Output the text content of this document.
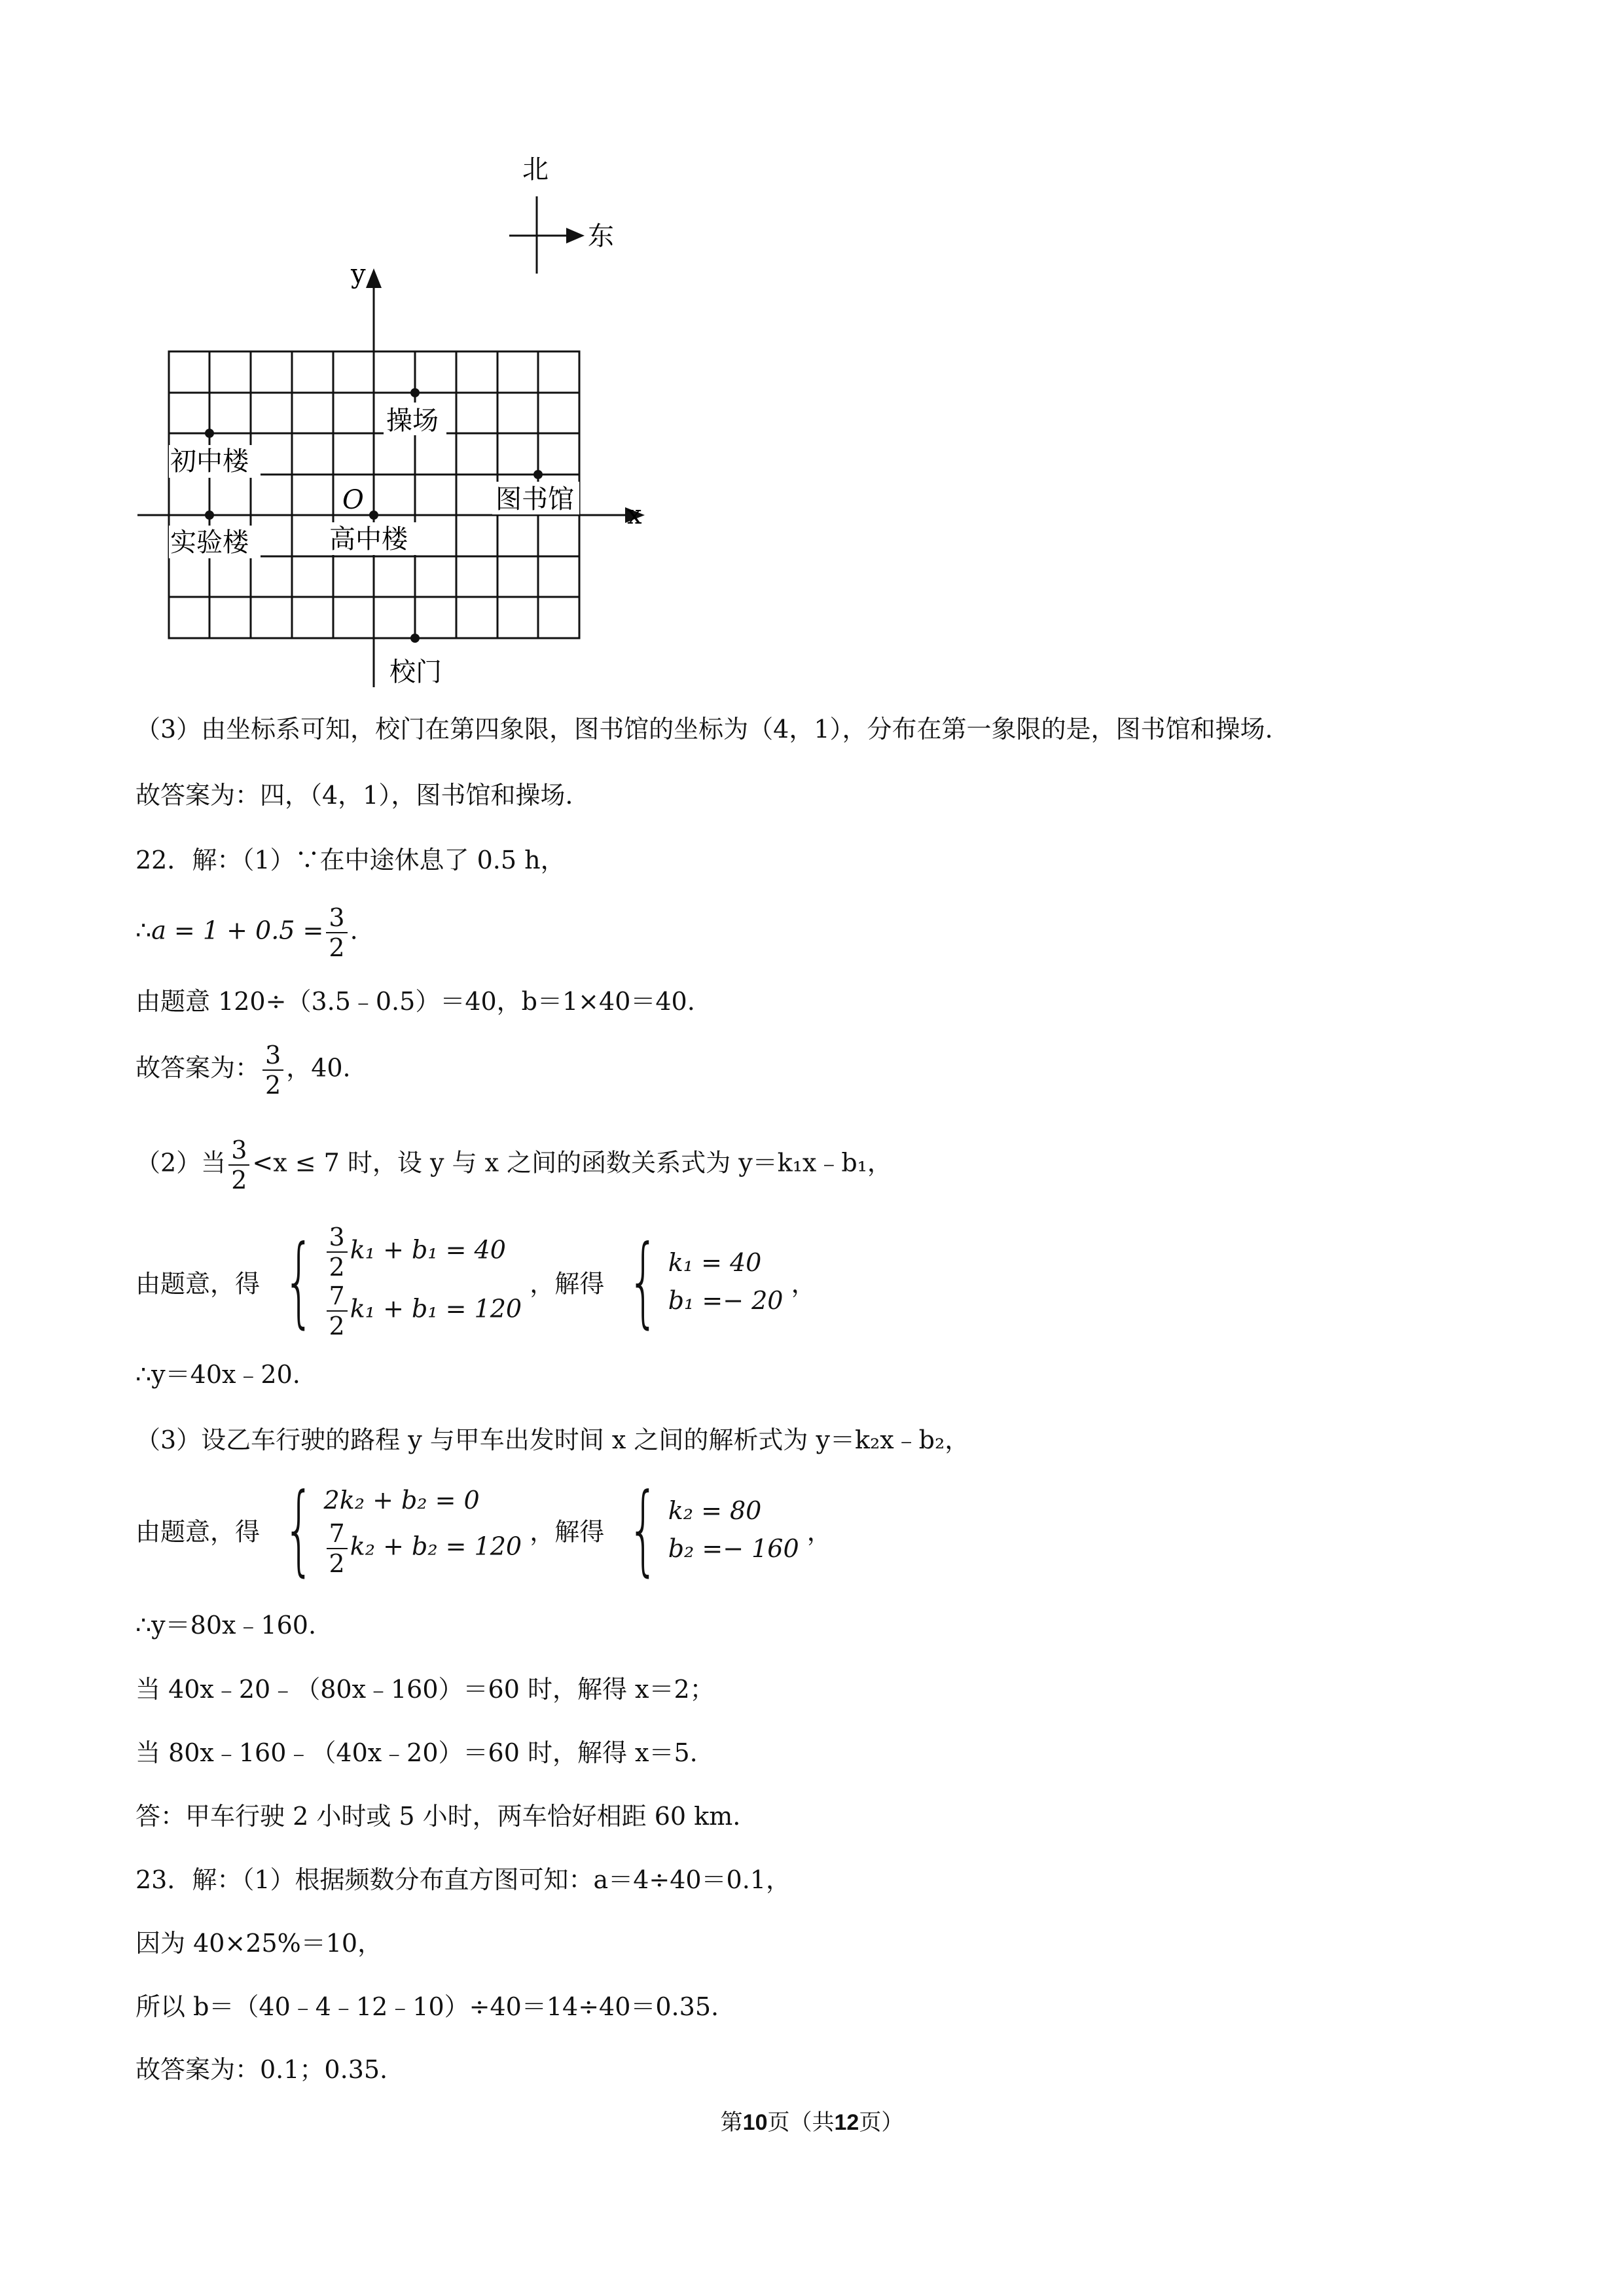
x
y
O
北
东
操场
初中楼
图书馆
实验楼	高中楼
校门
（3）由坐标系可知，校门在第四象限，图书馆的坐标为（4，1），分布在第一象限的是，图书馆和操场.
故答案为：四，（4，1），图书馆和操场.
22．解：（1）∵在中途休息了 0.5 h，
∴a = $1 + 0.5 = \frac{3}{2}$ .
由题意 120÷（3.5﹣0.5）＝40，b＝1×40＝40.
故答案为： $\frac{3}{2}$ ，40.
（2）当 $\frac{3}{2} <x \le 7$ 时，设 y 与 x 之间的函数关系式为 y＝k₁x﹣b₁，
由题意，得 { $\frac{3}{2} k_1 + b_1 = 40$
$\frac{7}{2} k_1 + b_1 = 120$
，解得 { k₁ = 40
b₁ =− 20
，
∴y＝40x﹣20.
（3）设乙车行驶的路程 y 与甲车出发时间 x 之间的解析式为 y＝k₂x﹣b₂，
由题意，得 { 2k₂ + b₂ = 0
$\frac{7}{2} k_2 + b_2 = 120$ ，解得 { k₂ = 80
b₂ =− 160
，
∴y＝80x﹣160.
当 40x﹣20﹣（80x﹣160）＝60 时，解得 x＝2；
当 80x﹣160﹣（40x﹣20）＝60 时，解得 x＝5.
答：甲车行驶 2 小时或 5 小时，两车恰好相距 60 km.
23．解：（1）根据频数分布直方图可知：a＝4÷40＝0.1，
因为 40×25%＝10，
所以 b＝（40﹣4﹣12﹣10）÷40＝14÷40＝0.35.
故答案为：0.1；0.35.
第10页（共12页）
